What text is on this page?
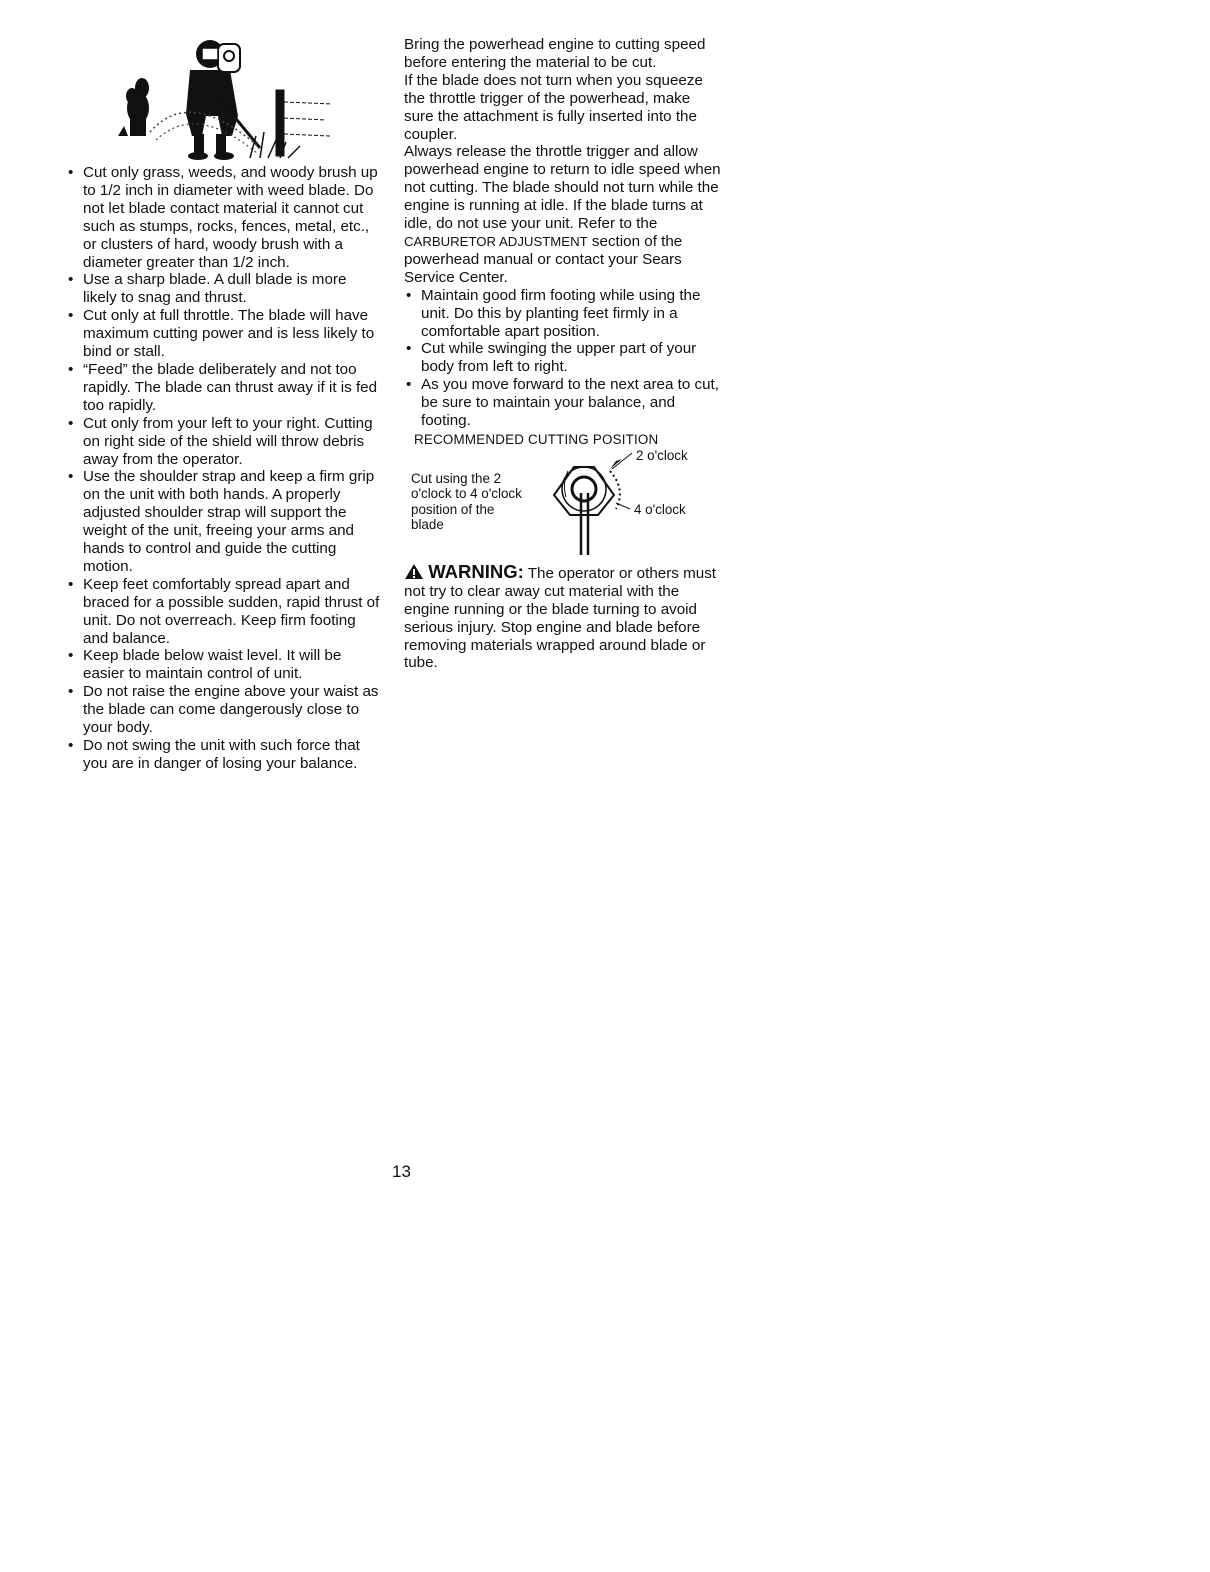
• Cut only grass, weeds, and woody brush up to 1/2 inch in diameter with weed blade. Do not let blade contact material it cannot cut such as stumps, rocks, fences, metal, etc., or clusters of hard, woody brush with a diameter greater than 1/2 inch.
• Use a sharp blade. A dull blade is more likely to snag and thrust.
• Cut only at full throttle. The blade will have maximum cutting power and is less likely to bind or stall.
• “Feed” the blade deliberately and not too rapidly. The blade can thrust away if it is fed too rapidly.
• Cut only from your left to your right. Cutting on right side of the shield will throw debris away from the operator.
• Use the shoulder strap and keep a firm grip on the unit with both hands. A properly adjusted shoulder strap will support the weight of the unit, freeing your arms and hands to control and guide the cutting motion.
• Keep feet comfortably spread apart and braced for a possible sudden, rapid thrust of unit. Do not overreach. Keep firm footing and balance.
• Keep blade below waist level. It will be easier to maintain control of unit.
• Do not raise the engine above your waist as the blade can come dangerously close to your body.
• Do not swing the unit with such force that you are in danger of losing your balance.

Bring the powerhead engine to cutting speed before entering the material to be cut.

If the blade does not turn when you squeeze the throttle trigger of the powerhead, make sure the attachment is fully inserted into the coupler.

Always release the throttle trigger and allow powerhead engine to return to idle speed when not cutting. The blade should not turn while the engine is running at idle. If the blade turns at idle, do not use your unit. Refer to the CARBURETOR ADJUSTMENT section of the powerhead manual or contact your Sears Service Center.

• Maintain good firm footing while using the unit. Do this by planting feet firmly in a comfortable apart position.
• Cut while swinging the upper part of your body from left to right.
• As you move forward to the next area to cut, be sure to maintain your balance, and footing.
RECOMMENDED CUTTING POSITION
Cut using the 2
o'clock to 4 o'clock
position of the
blade
2 o'clock
4 o'clock
WARNING: The operator or others must not try to clear away cut material with the engine running or the blade turning to avoid serious injury. Stop engine and blade before removing materials wrapped around blade or tube.
13
